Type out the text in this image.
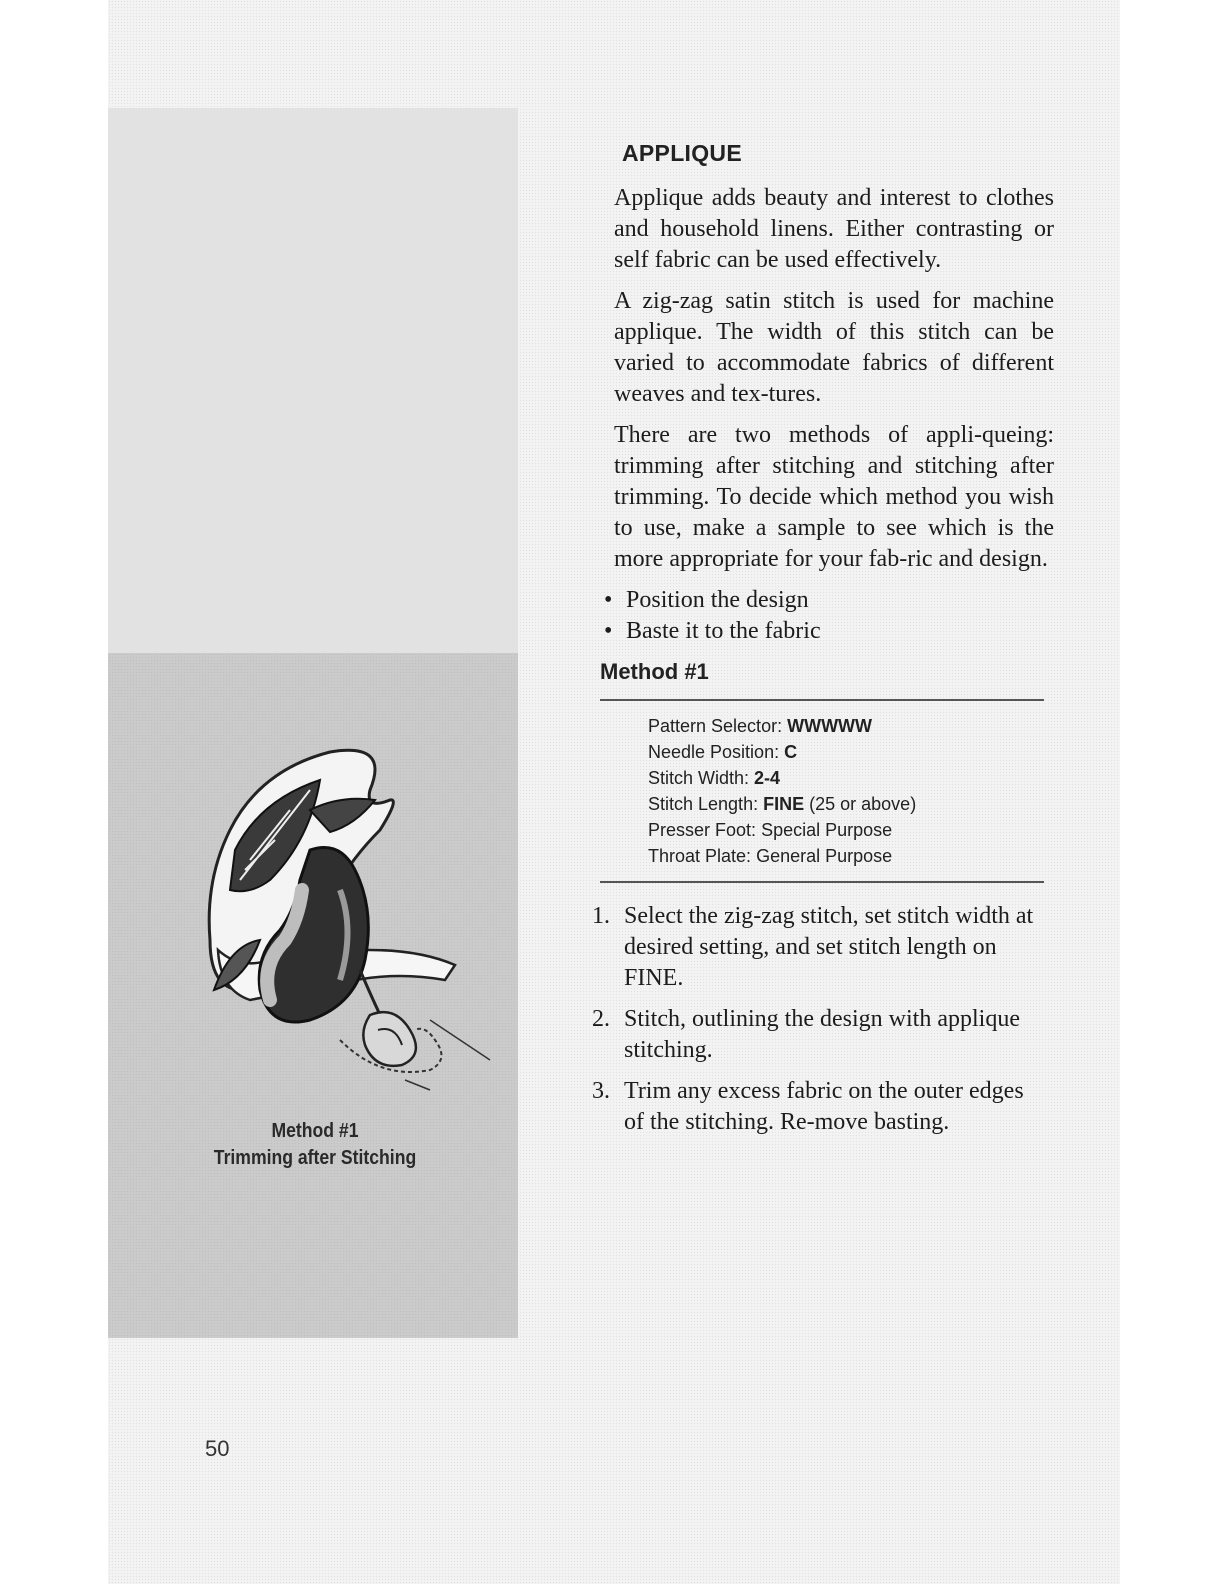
Method #1
Trimming after Stitching
50
APPLIQUE

Applique adds beauty and interest to clothes and household linens. Either contrasting or self fabric can be used effectively.

A zig-zag satin stitch is used for machine applique. The width of this stitch can be varied to accommodate fabrics of different weaves and tex-tures.

There are two methods of appli-queing: trimming after stitching and stitching after trimming. To decide which method you wish to use, make a sample to see which is the more appropriate for your fab-ric and design.

• Position the design
• Baste it to the fabric
Method #1
Pattern Selector: WWWWW
Needle Position: C
Stitch Width: 2-4
Stitch Length: FINE (25 or above)
Presser Foot: Special Purpose
Throat Plate: General Purpose
1. Select the zig-zag stitch, set stitch width at desired setting, and set stitch length on FINE.
2. Stitch, outlining the design with applique stitching.
3. Trim any excess fabric on the outer edges of the stitching. Re-move basting.
